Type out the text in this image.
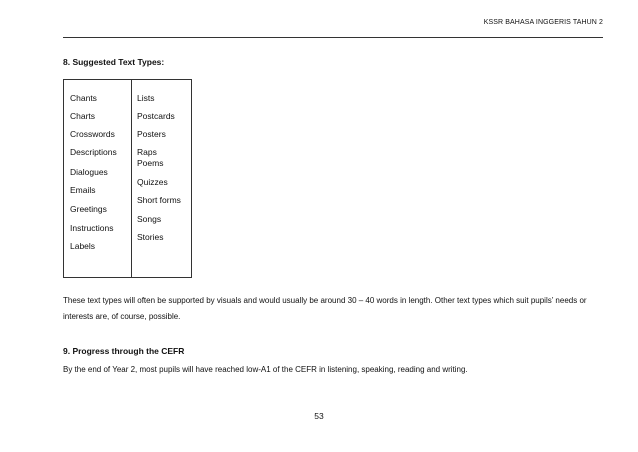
KSSR BAHASA INGGERIS TAHUN 2
8. Suggested Text Types:
Chants
Charts
Crosswords
Descriptions
Dialogues
Emails
Greetings
Instructions
Labels
Lists
Postcards
Posters
Raps
Poems
Quizzes
Short forms
Songs
Stories
These text types will often be supported by visuals and would usually be around 30 – 40 words in length. Other text types which suit pupils’ needs or interests are, of course, possible.
9. Progress through the CEFR
By the end of Year 2, most pupils will have reached low-A1 of the CEFR in listening, speaking, reading and writing.
53
